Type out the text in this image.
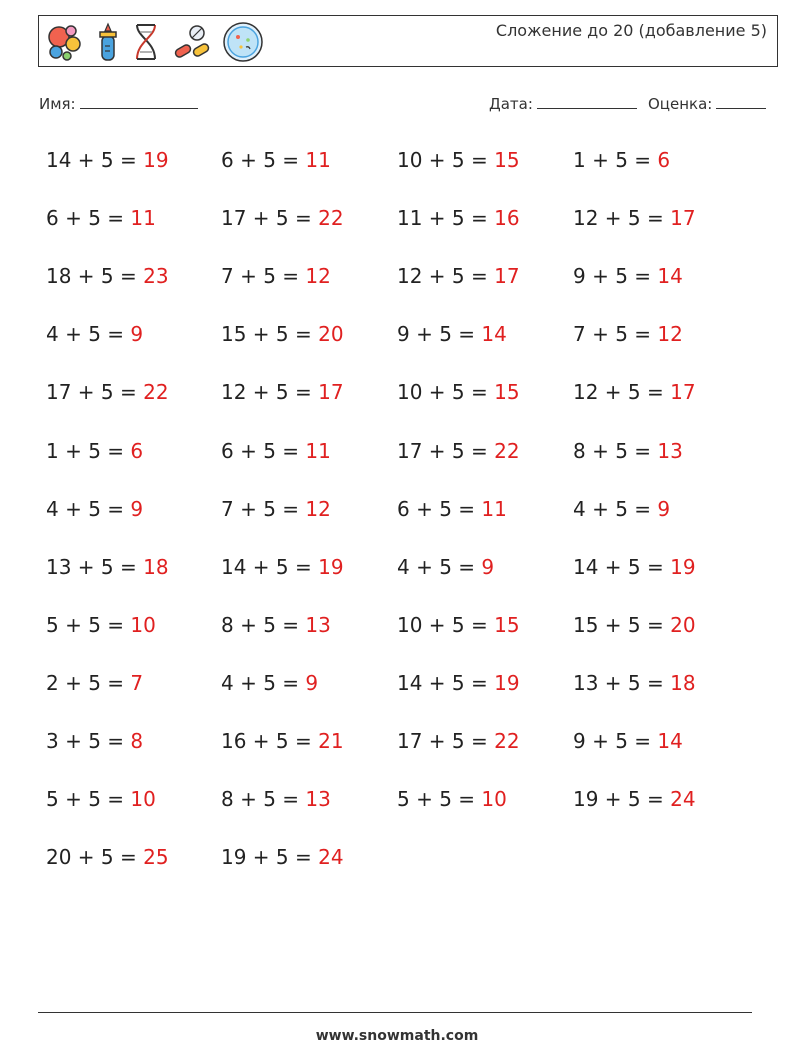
Сложение до 20 (добавление 5)
Имя:	Дата:	Оценка:
14 + 5 = 19
6 + 5 = 11
18 + 5 = 23
4 + 5 = 9
17 + 5 = 22
1 + 5 = 6
4 + 5 = 9
13 + 5 = 18
5 + 5 = 10
2 + 5 = 7
3 + 5 = 8
5 + 5 = 10
20 + 5 = 25
6 + 5 = 11
17 + 5 = 22
7 + 5 = 12
15 + 5 = 20
12 + 5 = 17
6 + 5 = 11
7 + 5 = 12
14 + 5 = 19
8 + 5 = 13
4 + 5 = 9
16 + 5 = 21
8 + 5 = 13
19 + 5 = 24
10 + 5 = 15
11 + 5 = 16
12 + 5 = 17
9 + 5 = 14
10 + 5 = 15
17 + 5 = 22
6 + 5 = 11
4 + 5 = 9
10 + 5 = 15
14 + 5 = 19
17 + 5 = 22
5 + 5 = 10
1 + 5 = 6
12 + 5 = 17
9 + 5 = 14
7 + 5 = 12
12 + 5 = 17
8 + 5 = 13
4 + 5 = 9
14 + 5 = 19
15 + 5 = 20
13 + 5 = 18
9 + 5 = 14
19 + 5 = 24
www.snowmath.com
